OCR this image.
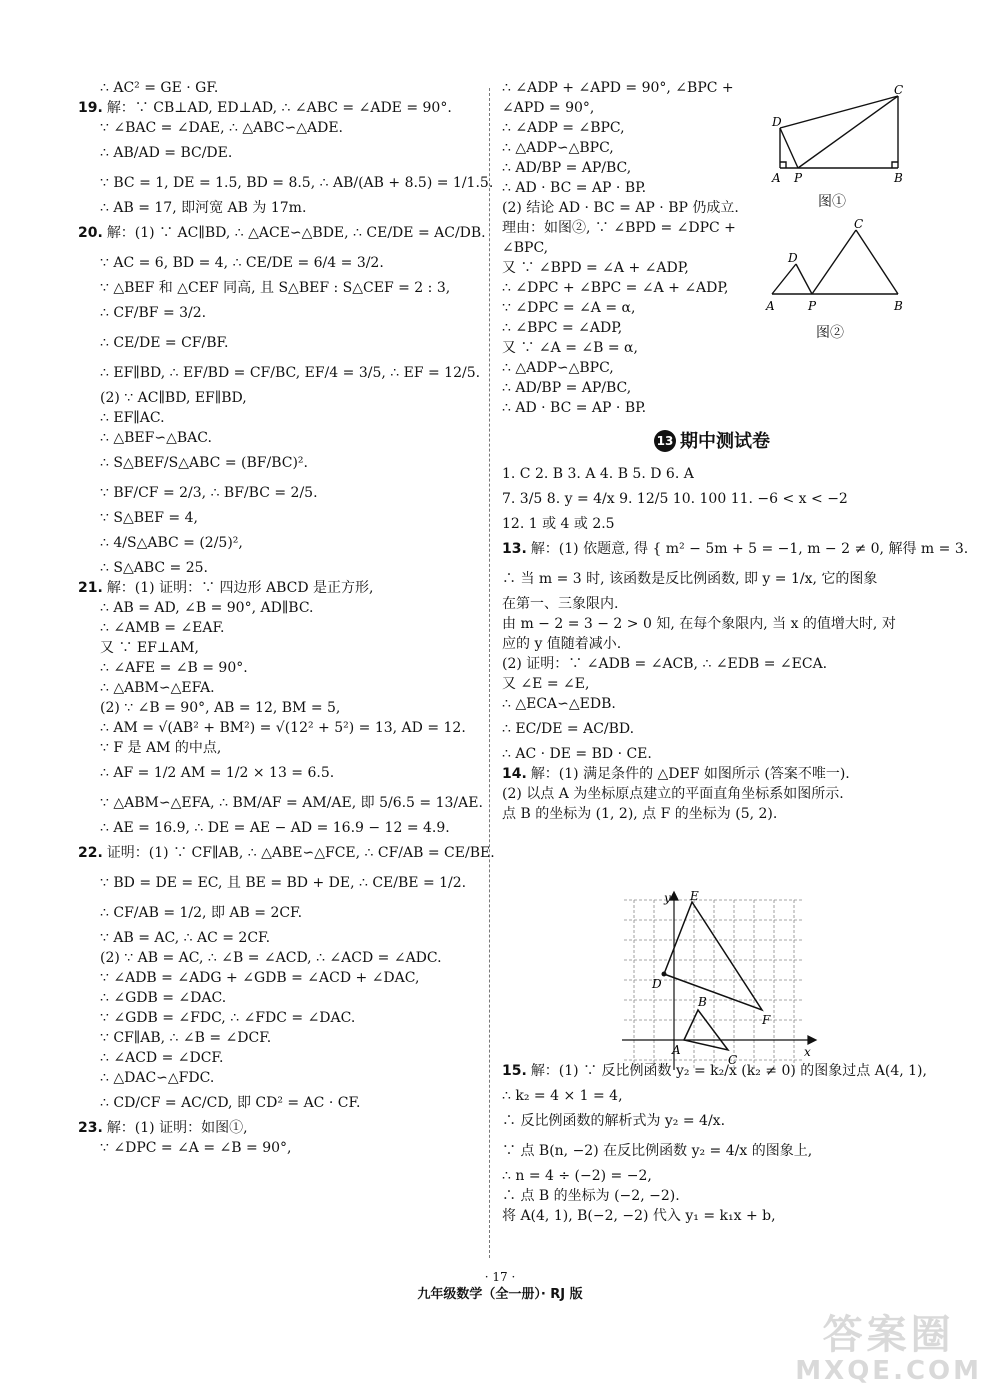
∴ AC² = GE · GF.
19. 解：∵ CB⊥AD, ED⊥AD, ∴ ∠ABC = ∠ADE = 90°.
∵ ∠BAC = ∠DAE, ∴ △ABC∽△ADE.
∴ AB/AD = BC/DE.
∵ BC = 1, DE = 1.5, BD = 8.5, ∴ AB/(AB + 8.5) = 1/1.5.
∴ AB = 17, 即河宽 AB 为 17m.
20. 解：(1) ∵ AC∥BD, ∴ △ACE∽△BDE, ∴ CE/DE = AC/DB.
∵ AC = 6, BD = 4, ∴ CE/DE = 6/4 = 3/2.
∵ △BEF 和 △CEF 同高, 且 S△BEF : S△CEF = 2 : 3,
∴ CF/BF = 3/2.
∴ CE/DE = CF/BF.
∴ EF∥BD, ∴ EF/BD = CF/BC, EF/4 = 3/5, ∴ EF = 12/5.
(2) ∵ AC∥BD, EF∥BD,
∴ EF∥AC.
∴ △BEF∽△BAC.
∴ S△BEF/S△ABC = (BF/BC)².
∵ BF/CF = 2/3, ∴ BF/BC = 2/5.
∵ S△BEF = 4,
∴ 4/S△ABC = (2/5)²,
∴ S△ABC = 25.
21. 解：(1) 证明：∵ 四边形 ABCD 是正方形,
∴ AB = AD, ∠B = 90°, AD∥BC.
∴ ∠AMB = ∠EAF.
又 ∵ EF⊥AM,
∴ ∠AFE = ∠B = 90°.
∴ △ABM∽△EFA.
(2) ∵ ∠B = 90°, AB = 12, BM = 5,
∴ AM = √(AB² + BM²) = √(12² + 5²) = 13, AD = 12.
∵ F 是 AM 的中点,
∴ AF = 1/2 AM = 1/2 × 13 = 6.5.
∵ △ABM∽△EFA, ∴ BM/AF = AM/AE, 即 5/6.5 = 13/AE.
∴ AE = 16.9, ∴ DE = AE − AD = 16.9 − 12 = 4.9.
22. 证明：(1) ∵ CF∥AB, ∴ △ABE∽△FCE, ∴ CF/AB = CE/BE.
∵ BD = DE = EC, 且 BE = BD + DE, ∴ CE/BE = 1/2.
∴ CF/AB = 1/2, 即 AB = 2CF.
∵ AB = AC, ∴ AC = 2CF.
(2) ∵ AB = AC, ∴ ∠B = ∠ACD, ∴ ∠ACD = ∠ADC.
∵ ∠ADB = ∠ADG + ∠GDB = ∠ACD + ∠DAC,
∴ ∠GDB = ∠DAC.
∵ ∠GDB = ∠FDC, ∴ ∠FDC = ∠DAC.
∵ CF∥AB, ∴ ∠B = ∠DCF.
∴ ∠ACD = ∠DCF.
∴ △DAC∽△FDC.
∴ CD/CF = AC/CD, 即 CD² = AC · CF.
23. 解：(1) 证明：如图①,
∵ ∠DPC = ∠A = ∠B = 90°,
∴ ∠ADP + ∠APD = 90°, ∠BPC +
∠APD = 90°,
∴ ∠ADP = ∠BPC,
∴ △ADP∽△BPC,
∴ AD/BP = AP/BC,
∴ AD · BC = AP · BP.
(2) 结论 AD · BC = AP · BP 仍成立.
理由：如图②, ∵ ∠BPD = ∠DPC +
∠BPC,
又 ∵ ∠BPD = ∠A + ∠ADP,
∴ ∠DPC + ∠BPC = ∠A + ∠ADP,
∵ ∠DPC = ∠A = α,
∴ ∠BPC = ∠ADP,
又 ∵ ∠A = ∠B = α,
∴ △ADP∽△BPC,
∴ AD/BP = AP/BC,
∴ AD · BC = AP · BP.
13 期中测试卷
1. C 2. B 3. A 4. B 5. D 6. A
7. 3/5 8. y = 4/x 9. 12/5 10. 100 11. −6 < x < −2
12. 1 或 4 或 2.5
13. 解：(1) 依题意, 得 { m² − 5m + 5 = −1, m − 2 ≠ 0, 解得 m = 3.
∴ 当 m = 3 时, 该函数是反比例函数, 即 y = 1/x, 它的图象
在第一、三象限内.
由 m − 2 = 3 − 2 > 0 知, 在每个象限内, 当 x 的值增大时, 对
应的 y 值随着减小.
(2) 证明：∵ ∠ADB = ∠ACB, ∴ ∠EDB = ∠ECA.
又 ∠E = ∠E,
∴ △ECA∽△EDB.
∴ EC/DE = AC/BD.
∴ AC · DE = BD · CE.
14. 解：(1) 满足条件的 △DEF 如图所示 (答案不唯一).
(2) 以点 A 为坐标原点建立的平面直角坐标系如图所示.
点 B 的坐标为 (1, 2), 点 F 的坐标为 (5, 2).
15. 解：(1) ∵ 反比例函数 y₂ = k₂/x (k₂ ≠ 0) 的图象过点 A(4, 1),
∴ k₂ = 4 × 1 = 4,
∴ 反比例函数的解析式为 y₂ = 4/x.
∵ 点 B(n, −2) 在反比例函数 y₂ = 4/x 的图象上,
∴ n = 4 ÷ (−2) = −2,
∴ 点 B 的坐标为 (−2, −2).
将 A(4, 1), B(−2, −2) 代入 y₁ = k₁x + b,
A P	B
C
D
图①
A	P	B
C
D
图②
x
y
A
B
C
D
E
F
· 17 ·
九年级数学（全一册）· RJ 版
答案圈
MXQE.COM
